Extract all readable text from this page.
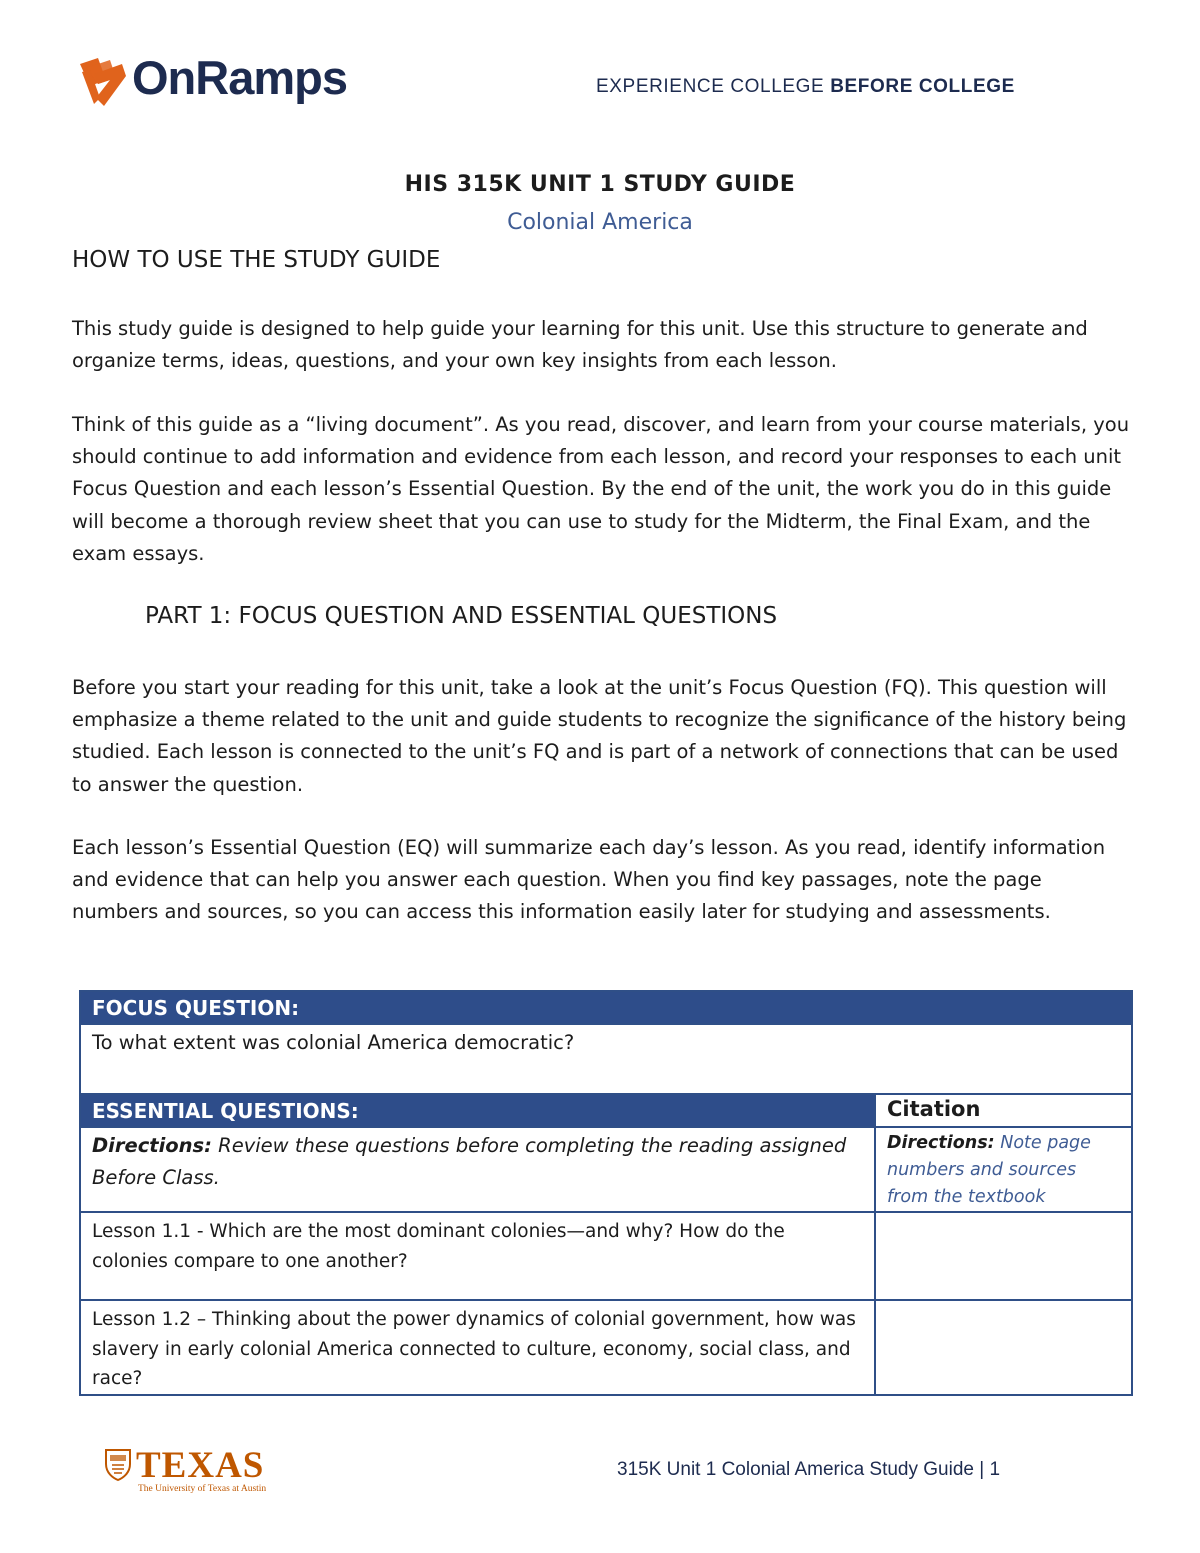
OnRamps	EXPERIENCE COLLEGE BEFORE COLLEGE
HIS 315K UNIT 1 STUDY GUIDE
Colonial America
HOW TO USE THE STUDY GUIDE
This study guide is designed to help guide your learning for this unit. Use this structure to generate and organize terms, ideas, questions, and your own key insights from each lesson.
Think of this guide as a “living document”. As you read, discover, and learn from your course materials, you should continue to add information and evidence from each lesson, and record your responses to each unit Focus Question and each lesson’s Essential Question. By the end of the unit, the work you do in this guide will become a thorough review sheet that you can use to study for the Midterm, the Final Exam, and the exam essays.
PART 1: FOCUS QUESTION AND ESSENTIAL QUESTIONS
Before you start your reading for this unit, take a look at the unit’s Focus Question (FQ). This question will emphasize a theme related to the unit and guide students to recognize the significance of the history being studied. Each lesson is connected to the unit’s FQ and is part of a network of connections that can be used to answer the question.
Each lesson’s Essential Question (EQ) will summarize each day’s lesson. As you read, identify information and evidence that can help you answer each question. When you find key passages, note the page numbers and sources, so you can access this information easily later for studying and assessments.
FOCUS QUESTION:	
To what extent was colonial America democratic?	
ESSENTIAL QUESTIONS:	Citation
Directions: Review these questions before completing the reading assigned Before Class.	Directions: Note page numbers and sources from the textbook
Lesson 1.1 - Which are the most dominant colonies—and why? How do the colonies compare to one another?	
Lesson 1.2 – Thinking about the power dynamics of colonial government, how was slavery in early colonial America connected to culture, economy, social class, and race?	
TEXAS
The University of Texas at Austin
315K Unit 1 Colonial America Study Guide | 1
